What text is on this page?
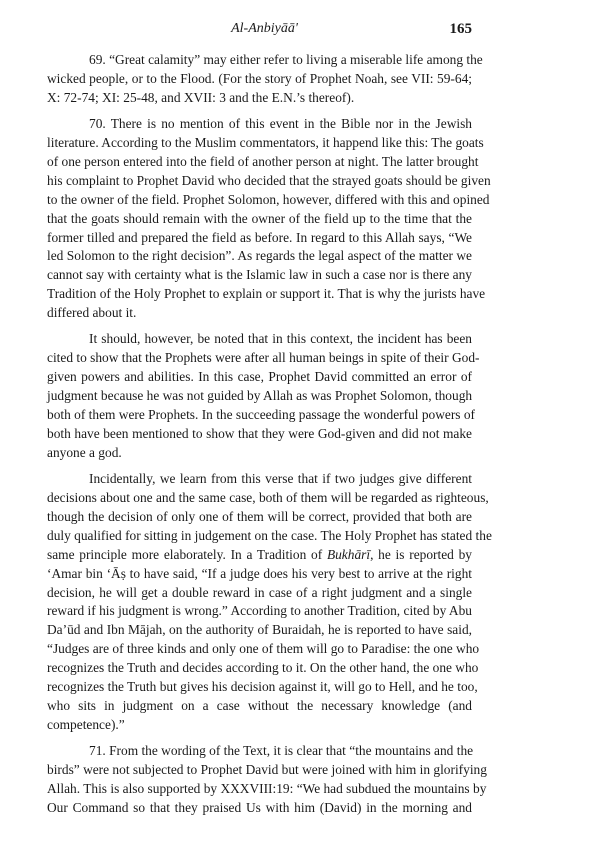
Al-Anbiyāā'	165
69. “Great calamity” may either refer to living a miserable life among the
wicked people, or to the Flood. (For the story of Prophet Noah, see VII: 59-64;
X: 72-74; XI: 25-48, and XVII: 3 and the E.N.’s thereof).
70. There is no mention of this event in the Bible nor in the Jewish
literature. According to the Muslim commentators, it happend like this: The goats
of one person entered into the field of another person at night. The latter brought
his complaint to Prophet David who decided that the strayed goats should be given
to the owner of the field. Prophet Solomon, however, differed with this and opined
that the goats should remain with the owner of the field up to the time that the
former tilled and prepared the field as before. In regard to this Allah says, “We
led Solomon to the right decision”. As regards the legal aspect of the matter we
cannot say with certainty what is the Islamic law in such a case nor is there any
Tradition of the Holy Prophet to explain or support it. That is why the jurists have
differed about it.
It should, however, be noted that in this context, the incident has been
cited to show that the Prophets were after all human beings in spite of their God-
given powers and abilities. In this case, Prophet David committed an error of
judgment because he was not guided by Allah as was Prophet Solomon, though
both of them were Prophets. In the succeeding passage the wonderful powers of
both have been mentioned to show that they were God-given and did not make
anyone a god.
Incidentally, we learn from this verse that if two judges give different
decisions about one and the same case, both of them will be regarded as righteous,
though the decision of only one of them will be correct, provided that both are
duly qualified for sitting in judgement on the case. The Holy Prophet has stated the
same principle more elaborately. In a Tradition of Bukhārī, he is reported by
‘Amar bin ‘Āṣ to have said, “If a judge does his very best to arrive at the right
decision, he will get a double reward in case of a right judgment and a single
reward if his judgment is wrong.” According to another Tradition, cited by Abu
Da’ūd and Ibn Mājah, on the authority of Buraidah, he is reported to have said,
“Judges are of three kinds and only one of them will go to Paradise: the one who
recognizes the Truth and decides according to it. On the other hand, the one who
recognizes the Truth but gives his decision against it, will go to Hell, and he too,
who sits in judgment on a case without the necessary knowledge (and
competence).”
71. From the wording of the Text, it is clear that “the mountains and the
birds” were not subjected to Prophet David but were joined with him in glorifying
Allah. This is also supported by XXXVIII:19: “We had subdued the mountains by
Our Command so that they praised Us with him (David) in the morning and
